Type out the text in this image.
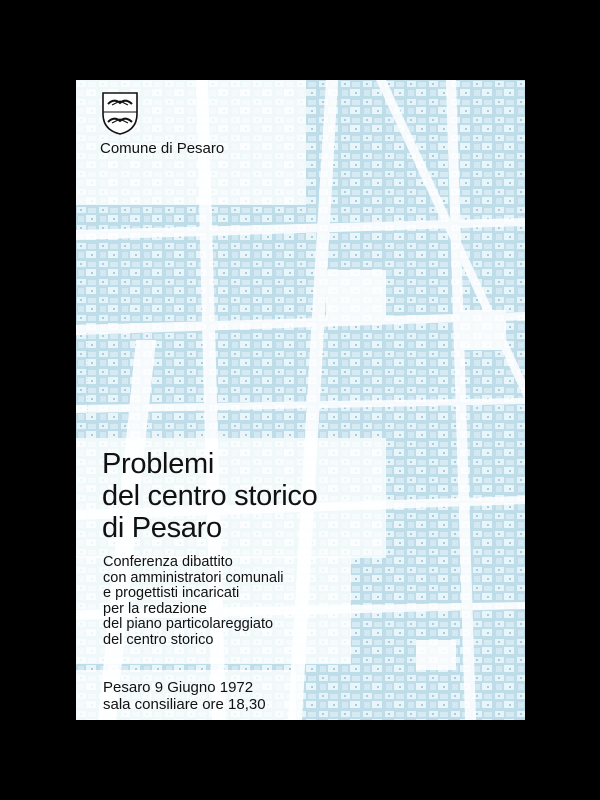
Comune di Pesaro
· · · · · · · · · · · · · · · · · · · · · · · ·
Problemi
del centro storico
di Pesaro
Conferenza dibattito
con amministratori comunali
e progettisti incaricati
per la redazione
del piano particolareggiato
del centro storico
Pesaro 9 Giugno 1972
sala consiliare ore 18,30
